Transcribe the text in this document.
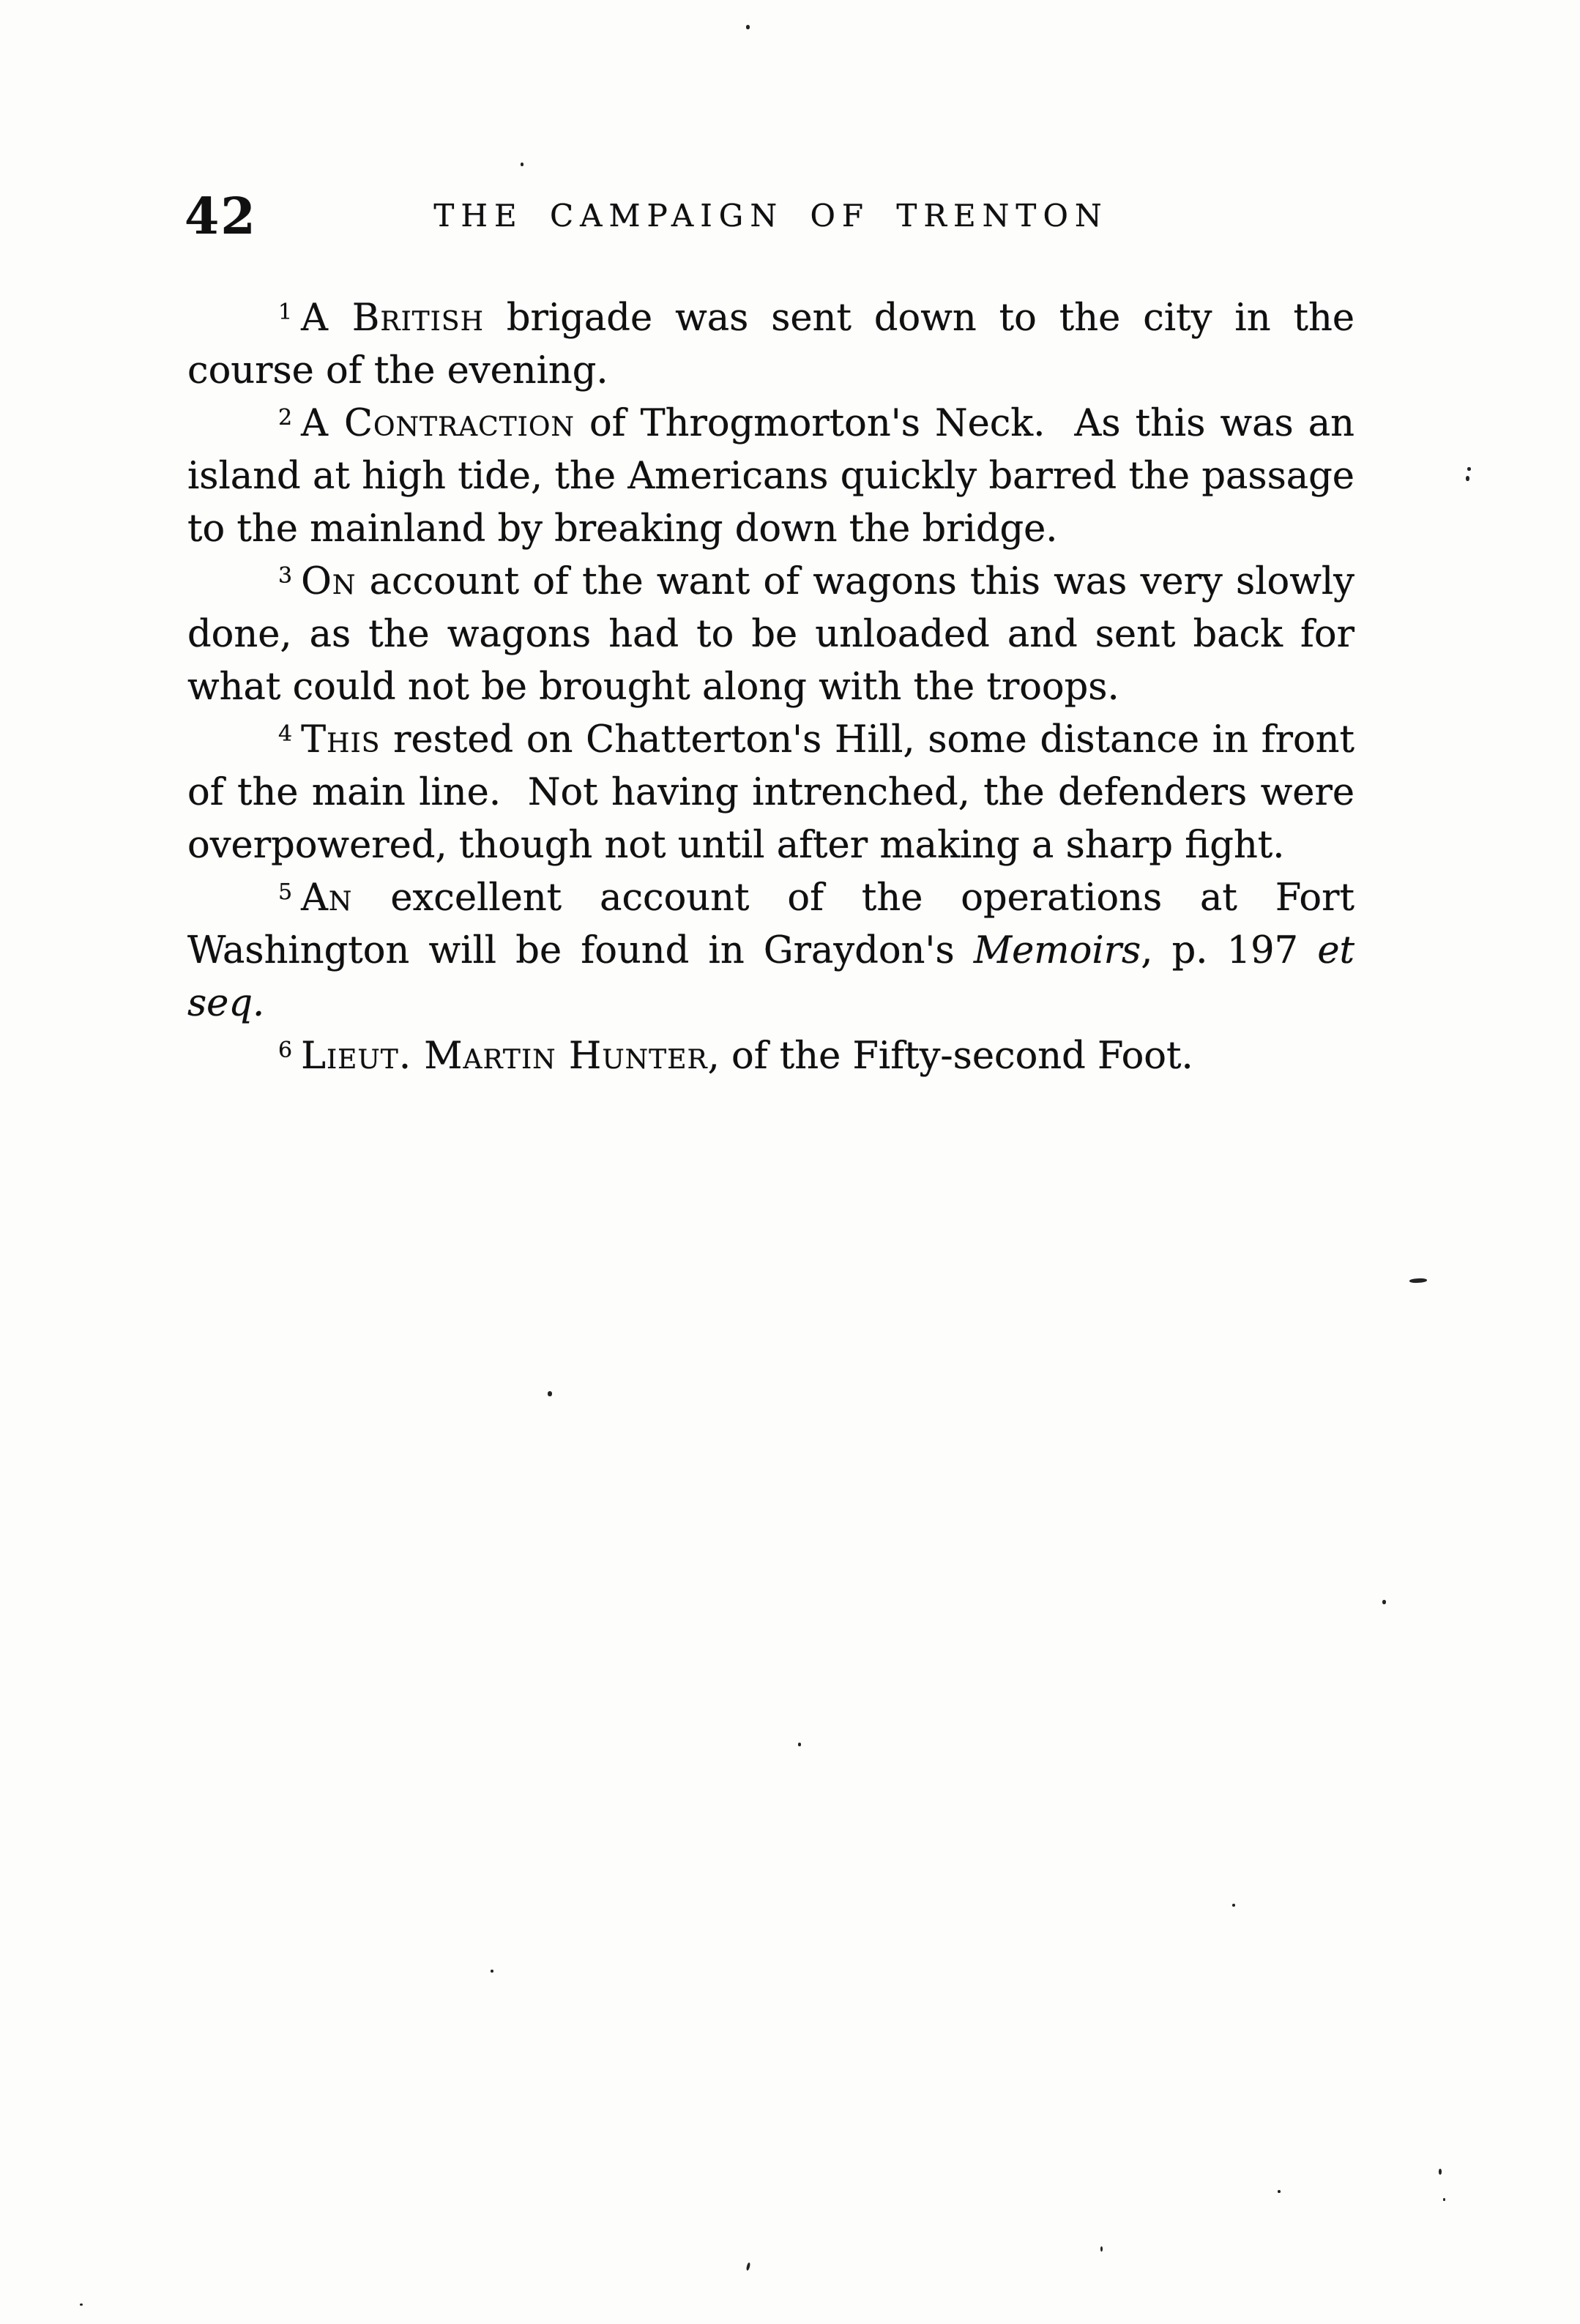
42	THE CAMPAIGN OF TRENTON

$^1$ A British brigade was sent down to the city in the course of the evening.

$^2$ A Contraction of Throgmorton's Neck.  As this was an island at high tide, the Americans quickly barred the passage to the mainland by breaking down the bridge.

$^3$ On account of the want of wagons this was very slowly done, as the wagons had to be unloaded and sent back for what could not be brought along with the troops.

$^4$ This rested on Chatterton's Hill, some distance in front of the main line.  Not having intrenched, the defenders were overpowered, though not until after making a sharp fight.

$^5$ An excellent account of the operations at Fort Washington will be found in Graydon's Memoirs, p. 197 et seq.

$^6$ Lieut. Martin Hunter, of the Fifty-second Foot.
